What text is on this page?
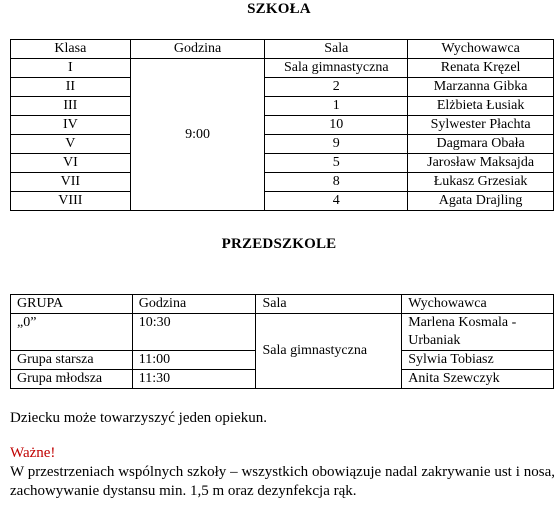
SZKOŁA
Klasa	Godzina	Sala	Wychowawca
I	9:00	Sala gimnastyczna	Renata Kręzel
II		2	Marzanna Gibka
III		1	Elżbieta Łusiak
IV		10	Sylwester Płachta
V		9	Dagmara Obała
VI		5	Jarosław Maksajda
VII		8	Łukasz Grzesiak
VIII		4	Agata Drajling
PRZEDSZKOLE
GRUPA	Godzina	Sala	Wychowawca
„0”	10:30	Sala gimnastyczna	Marlena Kosmala - Urbaniak
Grupa starsza	11:00		Sylwia Tobiasz
Grupa młodsza	11:30		Anita Szewczyk
Dziecku może towarzyszyć jeden opiekun.
Ważne!
W przestrzeniach wspólnych szkoły – wszystkich obowiązuje nadal zakrywanie ust i nosa, zachowywanie dystansu min. 1,5 m oraz dezynfekcja rąk.
